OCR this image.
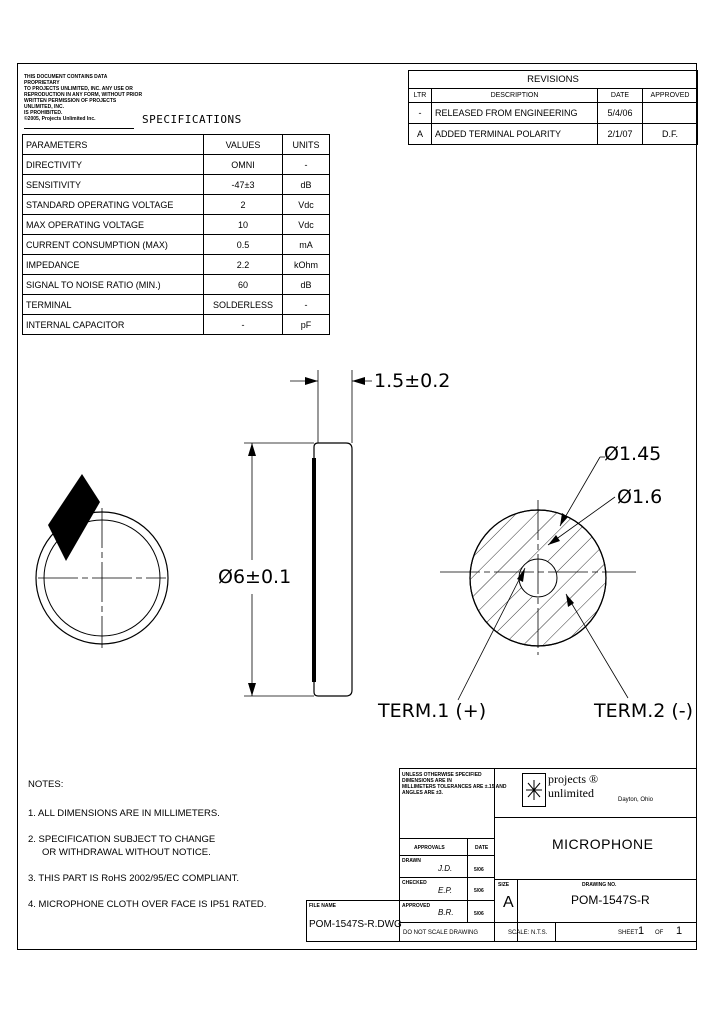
THIS DOCUMENT CONTAINS DATA PROPRIETARY
TO PROJECTS UNLIMITED, INC. ANY USE OR
REPRODUCTION IN ANY FORM, WITHOUT PRIOR
WRITTEN PERMISSION OF PROJECTS UNLIMITED, INC.
IS PROHIBITED.
©2005, Projects Unlimited Inc.	SPECIFICATIONS
PARAMETERS	VALUES	UNITS
DIRECTIVITY	OMNI	-
SENSITIVITY	-47±3	dB
STANDARD OPERATING VOLTAGE	2	Vdc
MAX OPERATING VOLTAGE	10	Vdc
CURRENT CONSUMPTION (MAX)	0.5	mA
IMPEDANCE	2.2	kOhm
SIGNAL TO NOISE RATIO (MIN.)	60	dB
TERMINAL	SOLDERLESS	-
INTERNAL CAPACITOR	-	pF
REVISIONS			
LTR	DESCRIPTION	DATE	APPROVED
-	RELEASED FROM ENGINEERING	5/4/06	
A	ADDED TERMINAL POLARITY	2/1/07	D.F.
1.5±0.2
Ø6±0.1
Ø1.45
Ø1.6
TERM.1 (+)	TERM.2 (-)

NOTES:

1. ALL DIMENSIONS ARE IN MILLIMETERS.

2. SPECIFICATION SUBJECT TO CHANGE

OR WITHDRAWAL WITHOUT NOTICE.

3. THIS PART IS RoHS 2002/95/EC COMPLIANT.

4. MICROPHONE CLOTH OVER FACE IS IP51 RATED.

UNLESS OTHERWISE SPECIFIED
DIMENSIONS ARE IN
MILLIMETERS TOLERANCES ARE ±.15 AND
ANGLES ARE ±3.
projects ®
unlimited	Dayton, Ohio
MICROPHONE
APPROVALS	DATE
DRAWN
J.D.	5/06
CHECKED
E.P.	5/06
APPROVED
B.R.	5/06
SIZE
A
DRAWING NO.
POM-1547S-R
FILE NAME
POM-1547S-R.DWG
DO NOT SCALE DRAWING	SCALE: N.T.S.	SHEET 1 OF 1
